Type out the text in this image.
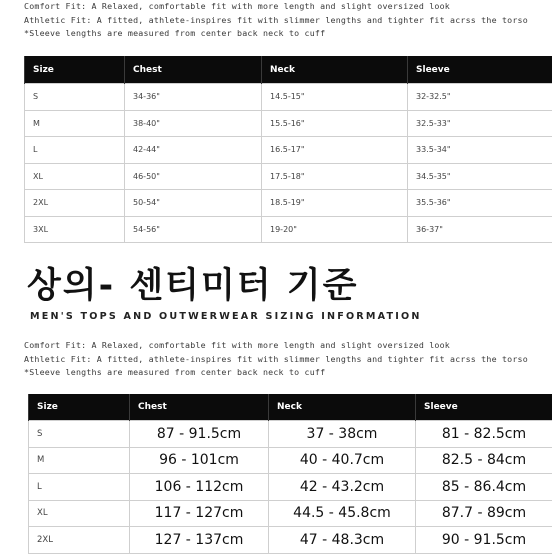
Comfort Fit: A Relaxed, comfortable fit with more length and slight oversized look
Athletic Fit: A fitted, athlete-inspires fit with slimmer lengths and tighter fit acrss the torso
*Sleeve lengths are measured from center back neck to cuff
Size	Chest	Neck	Sleeve
S	34-36"	14.5-15"	32-32.5"
M	38-40"	15.5-16"	32.5-33"
L	42-44"	16.5-17"	33.5-34"
XL	46-50"	17.5-18"	34.5-35"
2XL	50-54"	18.5-19"	35.5-36"
3XL	54-56"	19-20"	36-37"
상의- 센티미터 기준
MEN'S TOPS AND OUTWERWEAR SIZING INFORMATION
Comfort Fit: A Relaxed, comfortable fit with more length and slight oversized look
Athletic Fit: A fitted, athlete-inspires fit with slimmer lengths and tighter fit acrss the torso
*Sleeve lengths are measured from center back neck to cuff
Size	Chest	Neck	Sleeve
S	87 - 91.5cm	37 - 38cm	81 - 82.5cm
M	96 - 101cm	40 - 40.7cm	82.5 - 84cm
L	106 - 112cm	42 - 43.2cm	85 - 86.4cm
XL	117 - 127cm	44.5 - 45.8cm	87.7 - 89cm
2XL	127 - 137cm	47 - 48.3cm	90 - 91.5cm
